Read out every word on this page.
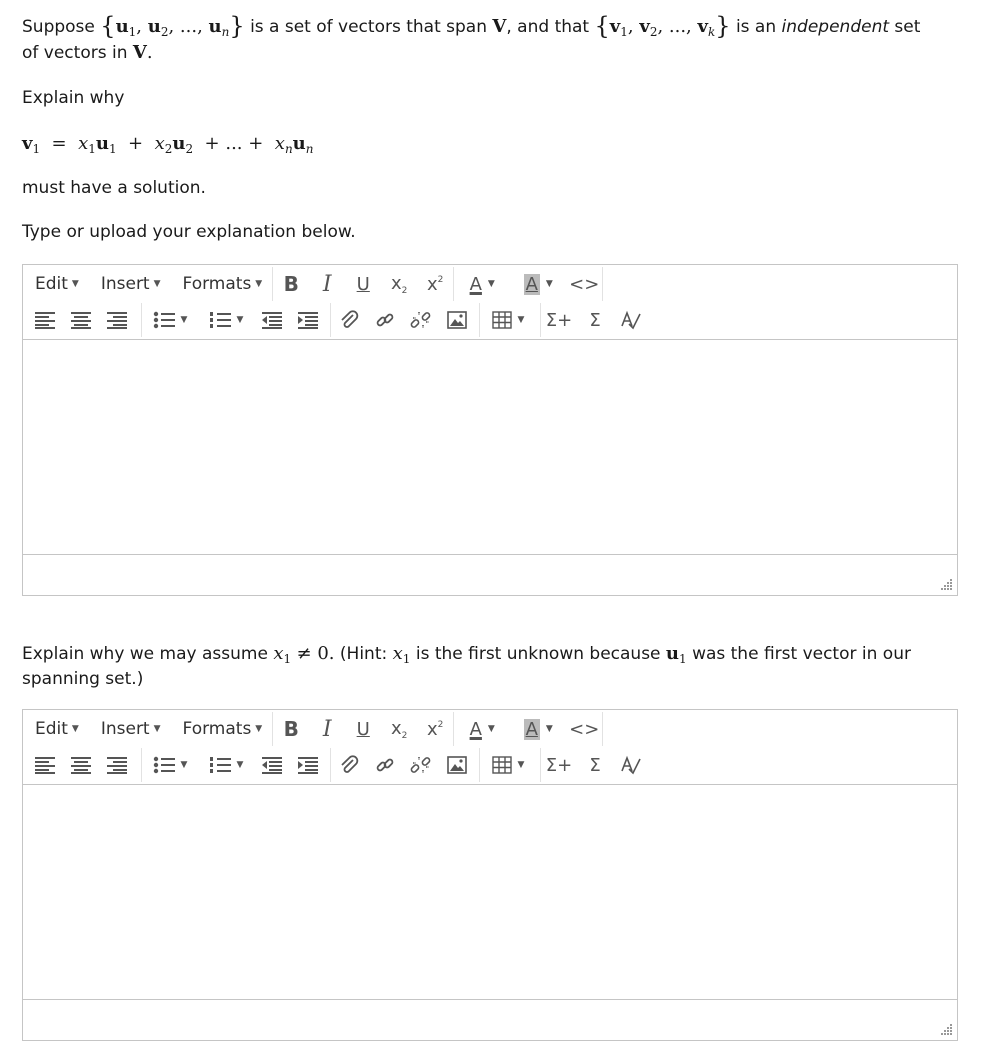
Suppose {$u_1$, $u_2$, ..., $u_n$} is a set of vectors that span V, and that {$v_1$, $v_2$, ..., $v_k$} is an independent set
of vectors in V.
Explain why
$v_1 = x_1u_1 + x_2u_2$  + ... +  $x_nu_n$
must have a solution.
Type or upload your explanation below.
Edit ▼ Insert ▼ Formats ▼ B I U $x_2$ $x^2$ A ▼ A ▼ <>
▼	▼	▼ Σ+ Σ
Explain why we may assume $x_1 \ne 0$. (Hint: $x_1$ is the first unknown because $u_1$ was the first vector in our
spanning set.)
Edit ▼ Insert ▼ Formats ▼ B I U $x_2$ $x^2$ A ▼ A ▼ <>
▼	▼	▼ Σ+ Σ
